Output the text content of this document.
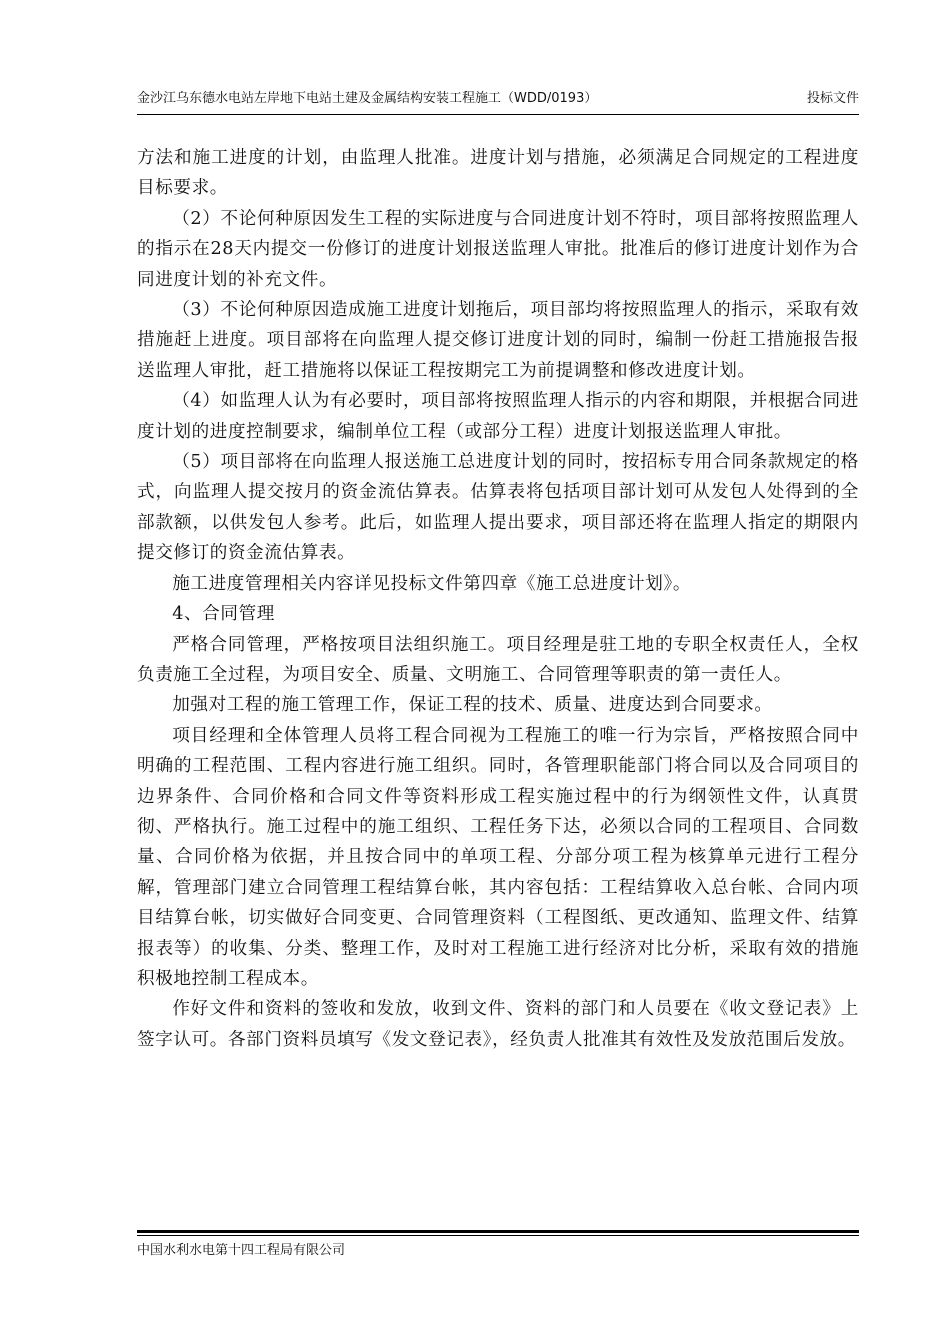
金沙江乌东德水电站左岸地下电站土建及金属结构安装工程施工（WDD/0193）	投标文件

方法和施工进度的计划，由监理人批准。进度计划与措施，必须满足合同规定的工程进度目标要求。

（2）不论何种原因发生工程的实际进度与合同进度计划不符时，项目部将按照监理人的指示在28天内提交一份修订的进度计划报送监理人审批。批准后的修订进度计划作为合同进度计划的补充文件。

（3）不论何种原因造成施工进度计划拖后，项目部均将按照监理人的指示，采取有效措施赶上进度。项目部将在向监理人提交修订进度计划的同时，编制一份赶工措施报告报送监理人审批，赶工措施将以保证工程按期完工为前提调整和修改进度计划。

（4）如监理人认为有必要时，项目部将按照监理人指示的内容和期限，并根据合同进度计划的进度控制要求，编制单位工程（或部分工程）进度计划报送监理人审批。

（5）项目部将在向监理人报送施工总进度计划的同时，按招标专用合同条款规定的格式，向监理人提交按月的资金流估算表。估算表将包括项目部计划可从发包人处得到的全部款额，以供发包人参考。此后，如监理人提出要求，项目部还将在监理人指定的期限内提交修订的资金流估算表。

施工进度管理相关内容详见投标文件第四章《施工总进度计划》。

4、合同管理

严格合同管理，严格按项目法组织施工。项目经理是驻工地的专职全权责任人，全权负责施工全过程，为项目安全、质量、文明施工、合同管理等职责的第一责任人。

加强对工程的施工管理工作，保证工程的技术、质量、进度达到合同要求。

项目经理和全体管理人员将工程合同视为工程施工的唯一行为宗旨，严格按照合同中明确的工程范围、工程内容进行施工组织。同时，各管理职能部门将合同以及合同项目的边界条件、合同价格和合同文件等资料形成工程实施过程中的行为纲领性文件，认真贯彻、严格执行。施工过程中的施工组织、工程任务下达，必须以合同的工程项目、合同数量、合同价格为依据，并且按合同中的单项工程、分部分项工程为核算单元进行工程分解，管理部门建立合同管理工程结算台帐，其内容包括：工程结算收入总台帐、合同内项目结算台帐，切实做好合同变更、合同管理资料（工程图纸、更改通知、监理文件、结算报表等）的收集、分类、整理工作，及时对工程施工进行经济对比分析，采取有效的措施积极地控制工程成本。

作好文件和资料的签收和发放，收到文件、资料的部门和人员要在《收文登记表》上签字认可。各部门资料员填写《发文登记表》，经负责人批准其有效性及发放范围后发放。

中国水利水电第十四工程局有限公司
